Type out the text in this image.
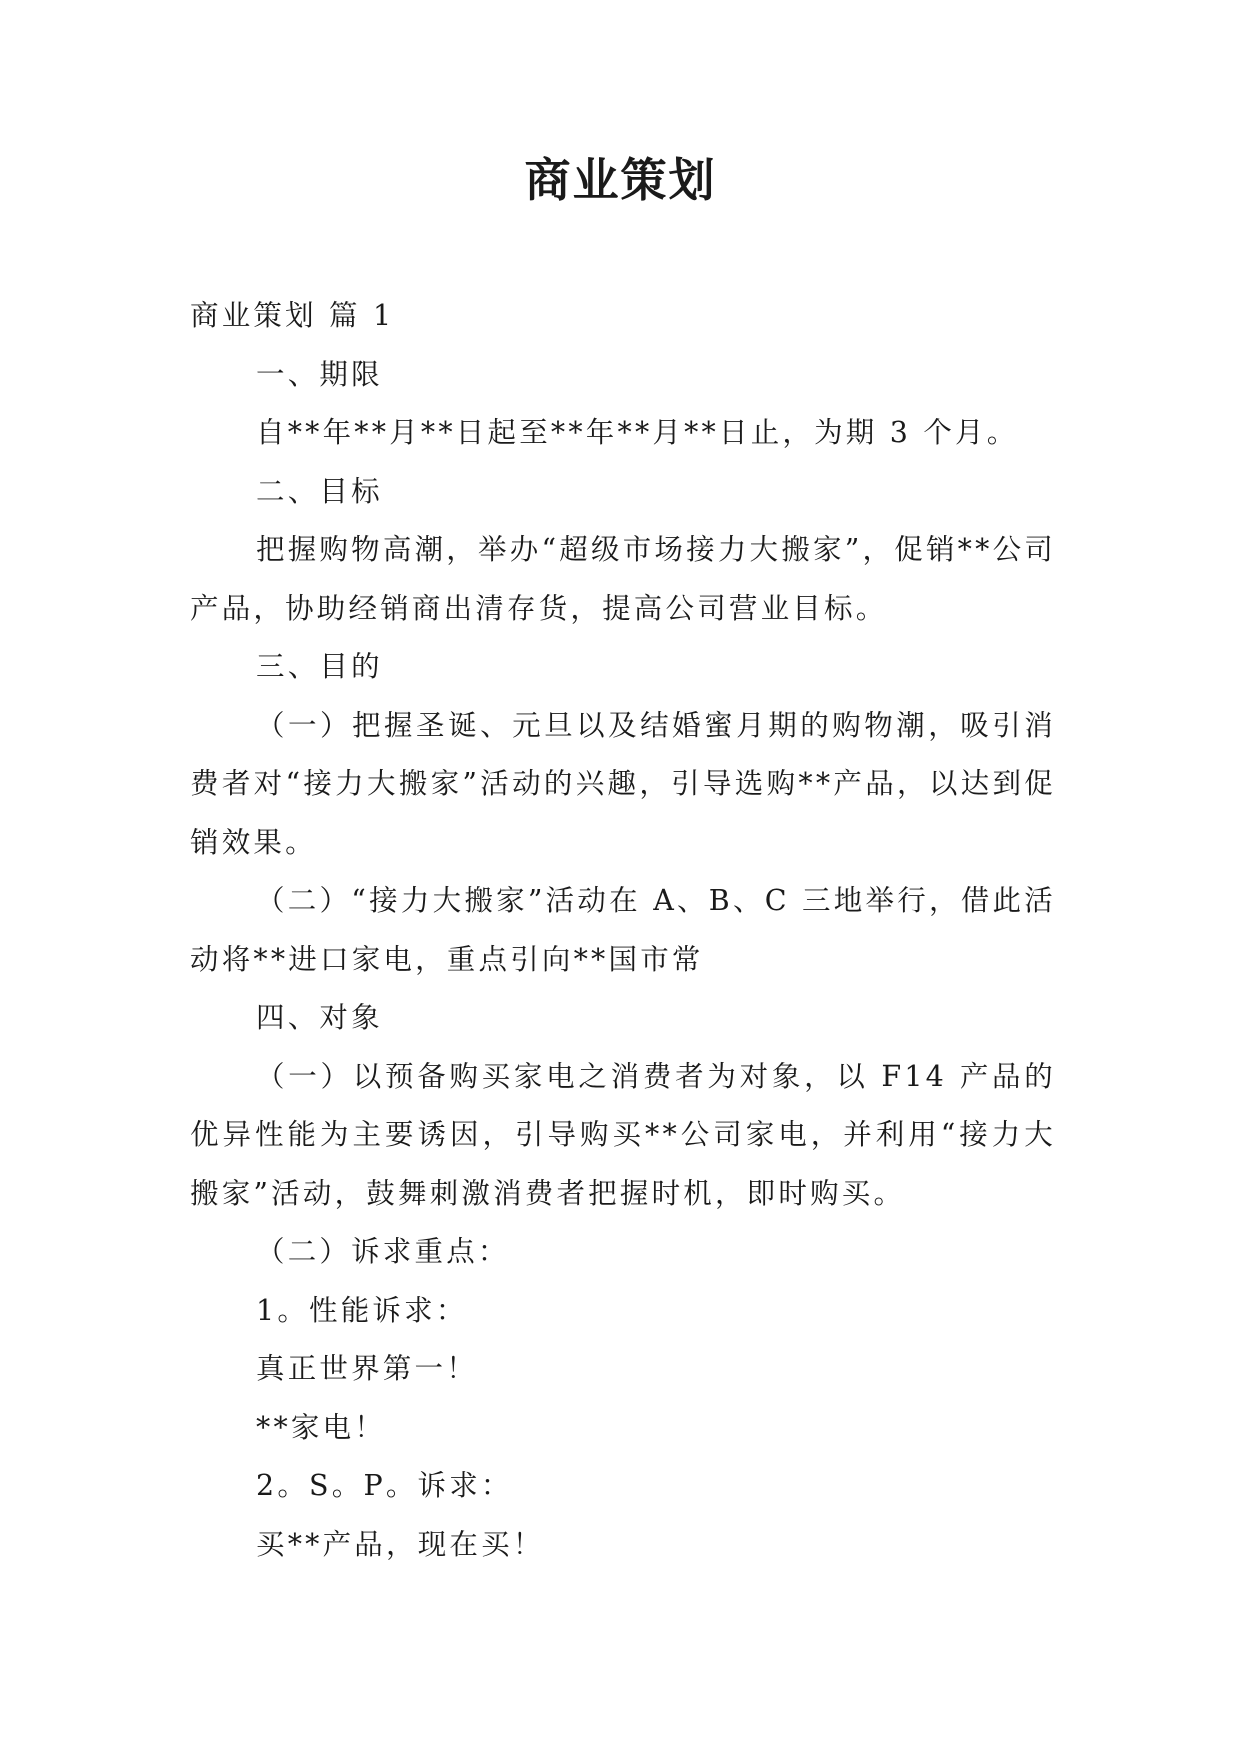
商业策划

商业策划 篇 1

一、期限

自**年**月**日起至**年**月**日止，为期 3 个月。

二、目标

把握购物高潮，举办“超级市场接力大搬家”，促销**公司产品，协助经销商出清存货，提高公司营业目标。

三、目的

（一）把握圣诞、元旦以及结婚蜜月期的购物潮，吸引消费者对“接力大搬家”活动的兴趣，引导选购**产品，以达到促销效果。

（二）“接力大搬家”活动在 A、B、C 三地举行，借此活动将**进口家电，重点引向**国市常

四、对象

（一）以预备购买家电之消费者为对象，以 F14 产品的优异性能为主要诱因，引导购买**公司家电，并利用“接力大搬家”活动，鼓舞刺激消费者把握时机，即时购买。

（二）诉求重点：

1。性能诉求：

真正世界第一！

**家电！

2。S。P。诉求：

买**产品，现在买！
